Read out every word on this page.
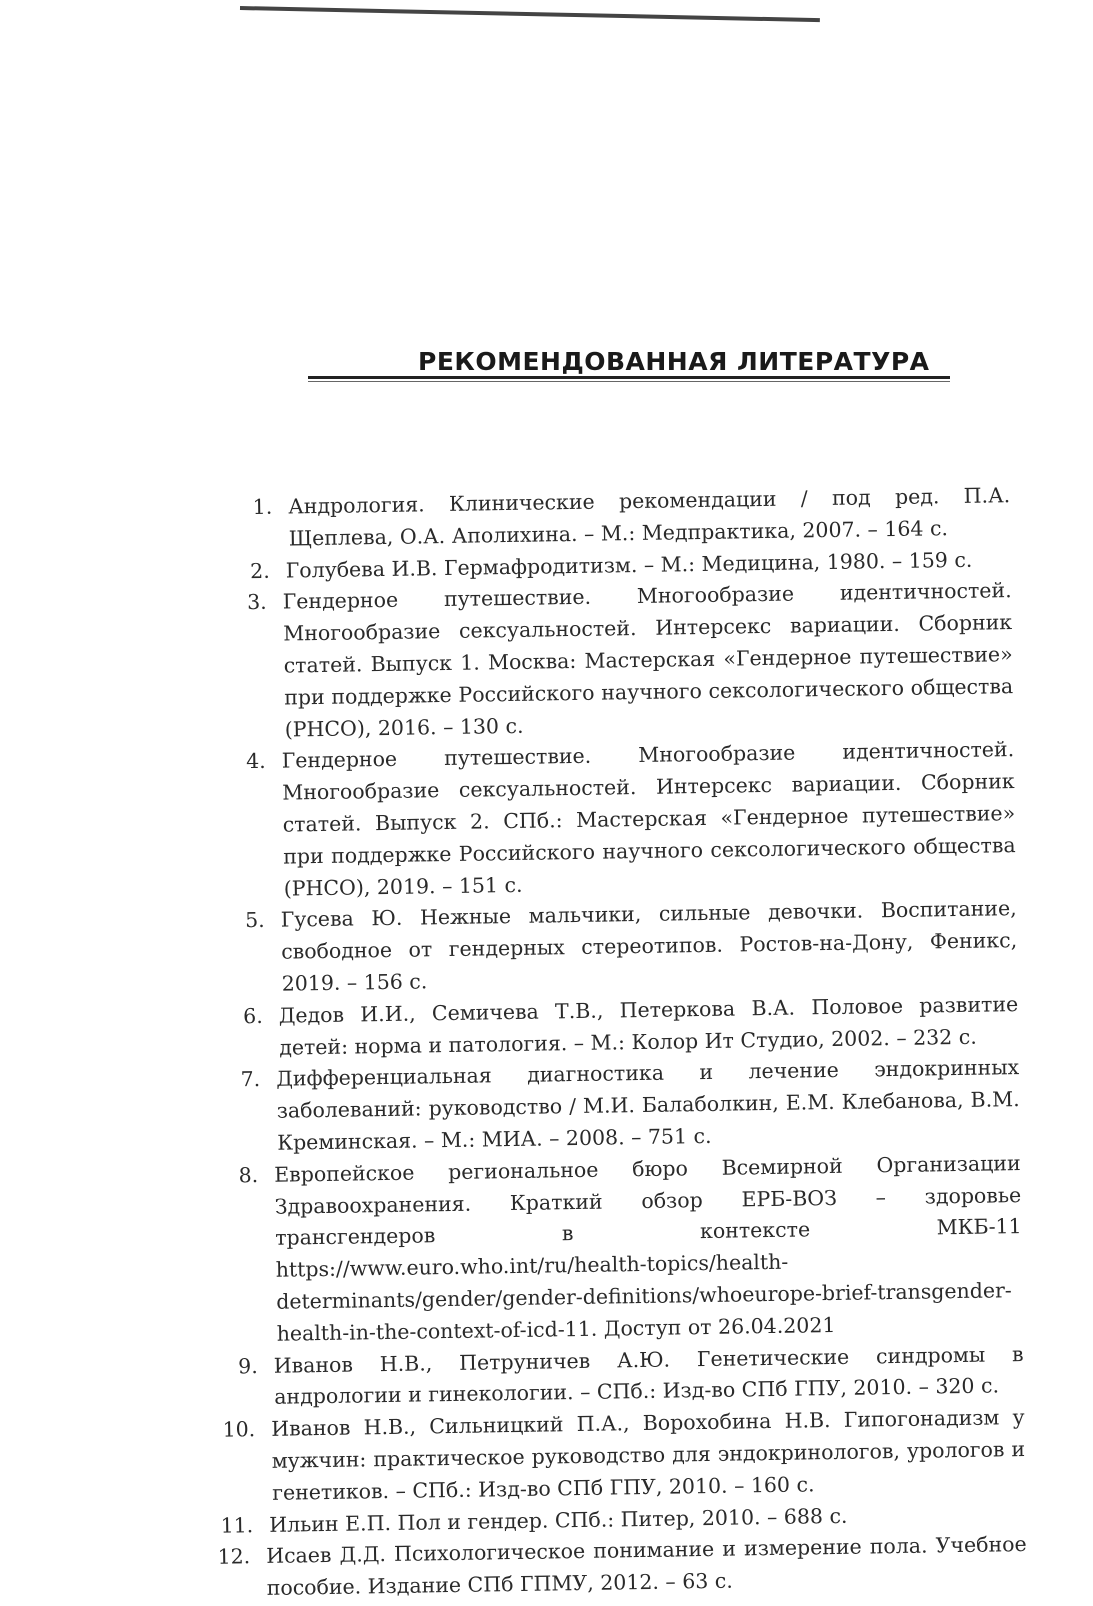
РЕКОМЕНДОВАННАЯ ЛИТЕРАТУРА
1. Андрология. Клинические рекомендации / под ред. П.А. Щеплева, О.А. Аполихина. – М.: Медпрактика, 2007. – 164 с.
2. Голубева И.В. Гермафродитизм. – М.: Медицина, 1980. – 159 с.
3. Гендерное путешествие. Многообразие идентичностей. Многообразие сексуальностей. Интерсекс вариации. Сборник статей. Выпуск 1. Москва: Мастерская «Гендерное путешествие» при поддержке Российского научного сексологического общества (РНСО), 2016. – 130 с.
4. Гендерное путешествие. Многообразие идентичностей. Многообразие сексуальностей. Интерсекс вариации. Сборник статей. Выпуск 2. СПб.: Мастерская «Гендерное путешествие» при поддержке Российского научного сексологического общества (РНСО), 2019. – 151 с.
5. Гусева Ю. Нежные мальчики, сильные девочки. Воспитание, свободное от гендерных стереотипов. Ростов-на-Дону, Феникс, 2019. – 156 с.
6. Дедов И.И., Семичева Т.В., Петеркова В.А. Половое развитие детей: норма и патология. – М.: Колор Ит Студио, 2002. – 232 с.
7. Дифференциальная диагностика и лечение эндокринных заболеваний: руководство / М.И. Балаболкин, Е.М. Клебанова, В.М. Креминская. – М.: МИА. – 2008. – 751 с.
8. Европейское региональное бюро Всемирной Организации Здравоохранения. Краткий обзор ЕРБ-ВОЗ – здоровье трансгендеров в контексте МКБ-11 https://www.euro.who.int/ru/health-topics/health-determinants/gender/gender-definitions/whoeurope-brief-transgender-health-in-the-context-of-icd-11. Доступ от 26.04.2021
9. Иванов Н.В., Петруничев А.Ю. Генетические синдромы в андрологии и гинекологии. – СПб.: Изд-во СПб ГПУ, 2010. – 320 с.
10. Иванов Н.В., Сильницкий П.А., Ворохобина Н.В. Гипогонадизм у мужчин: практическое руководство для эндокринологов, урологов и генетиков. – СПб.: Изд-во СПб ГПУ, 2010. – 160 с.
11. Ильин Е.П. Пол и гендер. СПб.: Питер, 2010. – 688 с.
12. Исаев Д.Д. Психологическое понимание и измерение пола. Учебное пособие. Издание СПб ГПМУ, 2012. – 63 с.
